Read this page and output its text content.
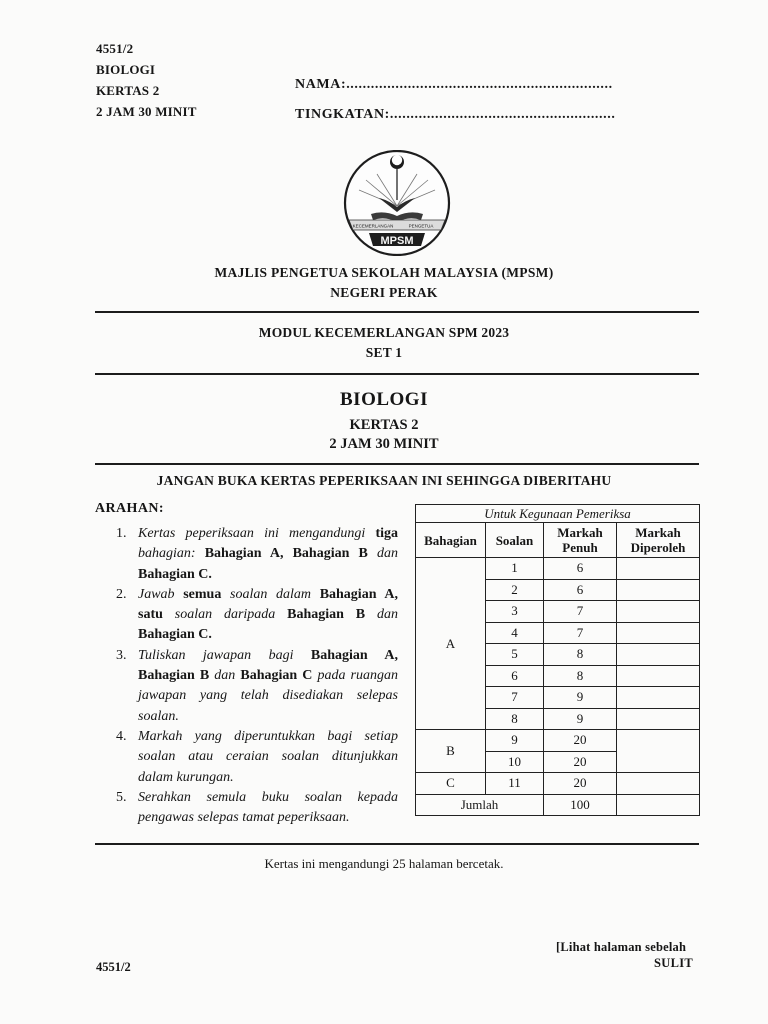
4551/2
BIOLOGI
KERTAS 2
2 JAM 30 MINIT
NAMA:.................................................................
TINGKATAN:.......................................................
KECEMERLANGAN	PENGETUA
MPSM
MAJLIS PENGETUA SEKOLAH MALAYSIA (MPSM)
NEGERI PERAK
MODUL KECEMERLANGAN SPM 2023
SET 1
BIOLOGI
KERTAS 2
2 JAM 30 MINIT
JANGAN BUKA KERTAS PEPERIKSAAN INI SEHINGGA DIBERITAHU
ARAHAN:
1. Kertas peperiksaan ini mengandungi tiga bahagian: Bahagian A, Bahagian B dan Bahagian C.
2. Jawab semua soalan dalam Bahagian A, satu soalan daripada Bahagian B dan Bahagian C.
3. Tuliskan jawapan bagi Bahagian A, Bahagian B dan Bahagian C pada ruangan jawapan yang telah disediakan selepas soalan.
4. Markah yang diperuntukkan bagi setiap soalan atau ceraian soalan ditunjukkan dalam kurungan.
5. Serahkan semula buku soalan kepada pengawas selepas tamat peperiksaan.
Untuk Kegunaan Pemeriksa			
Bahagian	Soalan	Markah Penuh	Markah Diperoleh
A	1	6	
	2	6	
	3	7	
	4	7	
	5	8	
	6	8	
	7	9	
	8	9	
B	9	20	
	10	20	
C	11	20	
Jumlah		100	
Kertas ini mengandungi 25 halaman bercetak.
[Lihat halaman sebelah
SULIT
4551/2
